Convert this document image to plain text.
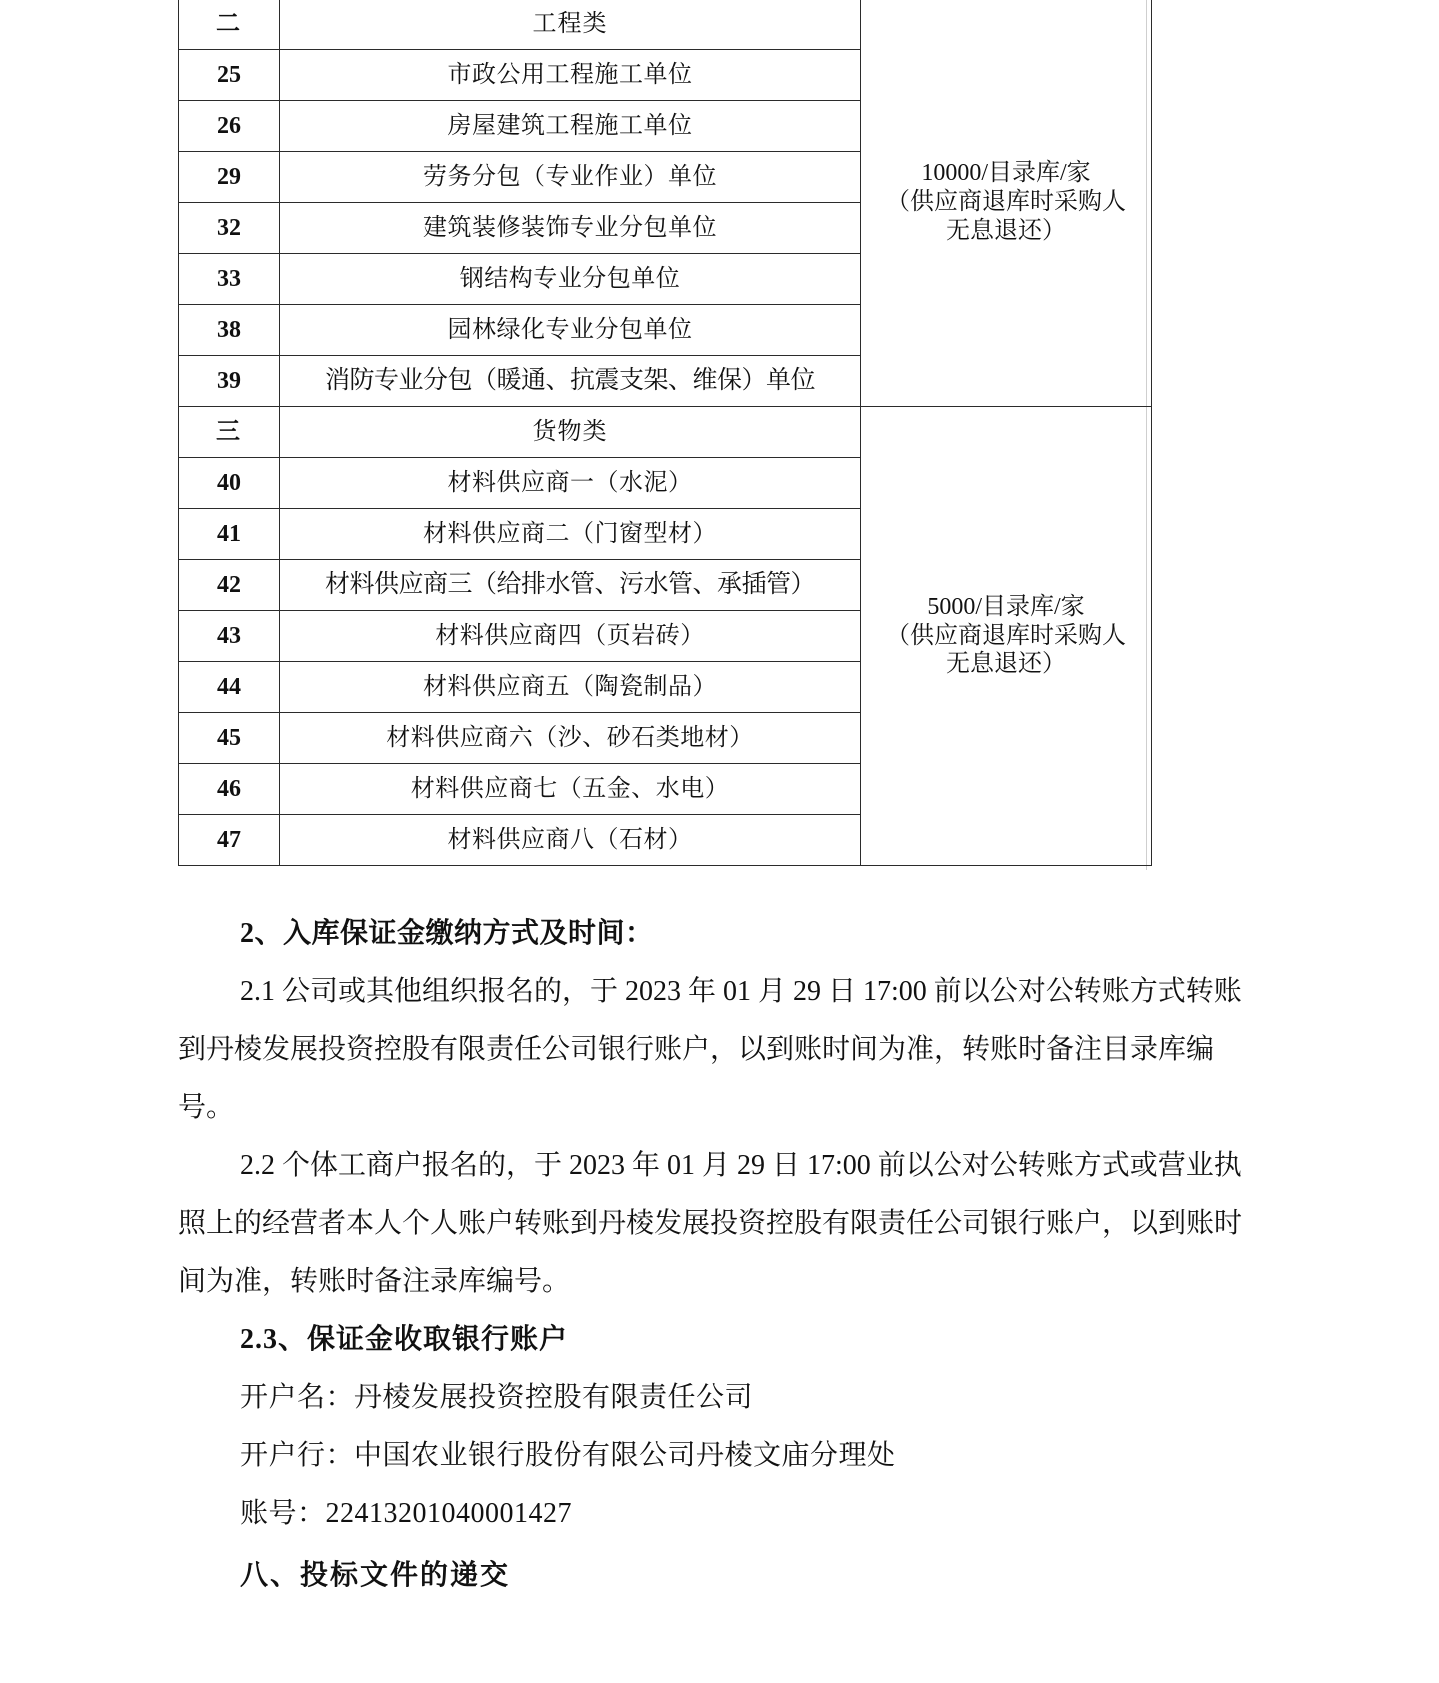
二	工程类	10000/目录库/家
（供应商退库时采购人
无息退还）

25	市政公用工程施工单位	
26	房屋建筑工程施工单位	
29	劳务分包（专业作业）单位	
32	建筑装修装饰专业分包单位	
33	钢结构专业分包单位	
38	园林绿化专业分包单位	
39	消防专业分包（暖通、抗震支架、维保）单位	
三	货物类	5000/目录库/家
（供应商退库时采购人
无息退还）

40	材料供应商一（水泥）	
41	材料供应商二（门窗型材）	
42	材料供应商三（给排水管、污水管、承插管）	
43	材料供应商四（页岩砖）	
44	材料供应商五（陶瓷制品）	
45	材料供应商六（沙、砂石类地材）	
46	材料供应商七（五金、水电）	
47	材料供应商八（石材）	

2、入库保证金缴纳方式及时间：

2.1 公司或其他组织报名的，于 2023 年 01 月 29 日 17:00 前以公对公转账方式转账到丹棱发展投资控股有限责任公司银行账户，以到账时间为准，转账时备注目录库编号。

2.2 个体工商户报名的，于 2023 年 01 月 29 日 17:00 前以公对公转账方式或营业执照上的经营者本人个人账户转账到丹棱发展投资控股有限责任公司银行账户，以到账时间为准，转账时备注录库编号。

2.3、保证金收取银行账户

开户名：丹棱发展投资控股有限责任公司

开户行：中国农业银行股份有限公司丹棱文庙分理处

账号：22413201040001427

八、投标文件的递交
